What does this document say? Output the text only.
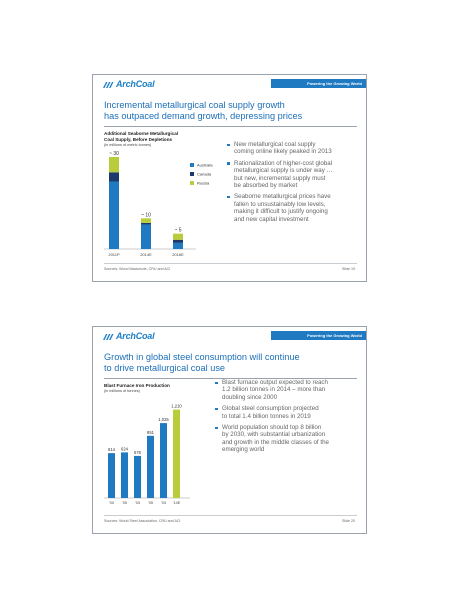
ArchCoal	Powering the Growing World
Incremental metallurgical coal supply growth
has outpaced demand growth, depressing prices
Additional Seaborne Metallurgical
Coal Supply, Before Depletions
(in millions of metric tonnes)
~ 30
2011P
~ 10
2014E
~ 5
2016E
Australia
Canada
Russia
New metallurgical coal supply
coming online likely peaked in 2013
Rationalization of higher-cost global
metallurgical supply is under way …
but new, incremental supply must
be absorbed by market
Seaborne metallurgical prices have
fallen to unsustainably low levels,
making it difficult to justify ongoing
and new capital investment
Sources: Wood Mackenzie, CRU and ACI	Slide 19
ArchCoal	Powering the Growing World
Growth in global steel consumption will continue
to drive metallurgical coal use
Blast Furnace Iron Production
(in millions of tonnes)
614
'00
624
'05
576
'03
851
'05
1,025
'03
1,210
'14E
Blast furnace output expected to reach
1.2 billion tonnes in 2014 – more than
doubling since 2000
Global steel consumption projected
to total 1.4 billion tonnes in 2019
World population should top 8 billion
by 2030, with substantial urbanization
and growth in the middle classes of the
emerging world
Sources: World Steel Association, CRU and ACI	Slide 20
